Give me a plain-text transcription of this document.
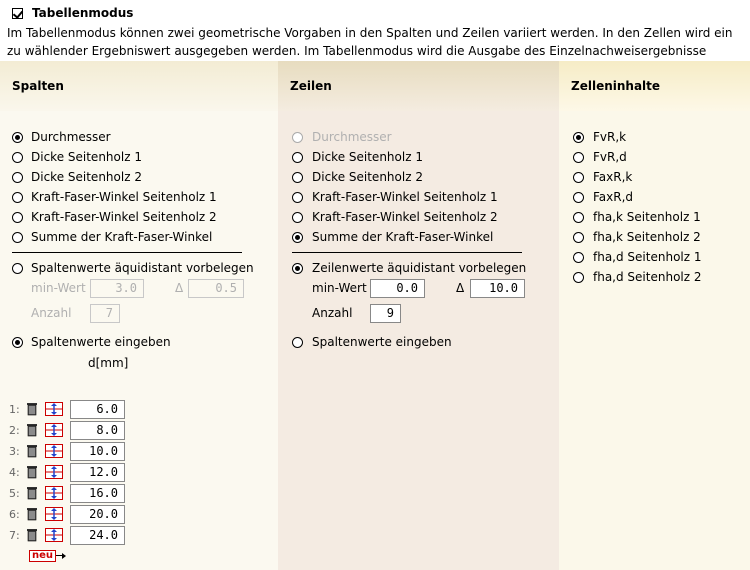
Tabellenmodus
Im Tabellenmodus können zwei geometrische Vorgaben in den Spalten und Zeilen variiert werden. In den Zellen wird ein zu wählender Ergebniswert ausgegeben werden. Im Tabellenmodus wird die Ausgabe des Einzelnachweisergebnisse
Spalten	Zeilen	Zelleninhalte
Durchmesser
Dicke Seitenholz 1
Dicke Seitenholz 2
Kraft-Faser-Winkel Seitenholz 1
Kraft-Faser-Winkel Seitenholz 2
Summe der Kraft-Faser-Winkel
Spaltenwerte äquidistant vorbelegen
min-Wert	3.0	Δ	0.5
Anzahl	7
Spaltenwerte eingeben
d[mm]
1:	6.0
2:	8.0
3:	10.0
4:	12.0
5:	16.0
6:	20.0
7:	24.0
neu
Durchmesser
Dicke Seitenholz 1
Dicke Seitenholz 2
Kraft-Faser-Winkel Seitenholz 1
Kraft-Faser-Winkel Seitenholz 2
Summe der Kraft-Faser-Winkel
Zeilenwerte äquidistant vorbelegen
min-Wert	0.0	Δ	10.0
Anzahl	9
Spaltenwerte eingeben
FvR,k
FvR,d
FaxR,k
FaxR,d
fha,k Seitenholz 1
fha,k Seitenholz 2
fha,d Seitenholz 1
fha,d Seitenholz 2
